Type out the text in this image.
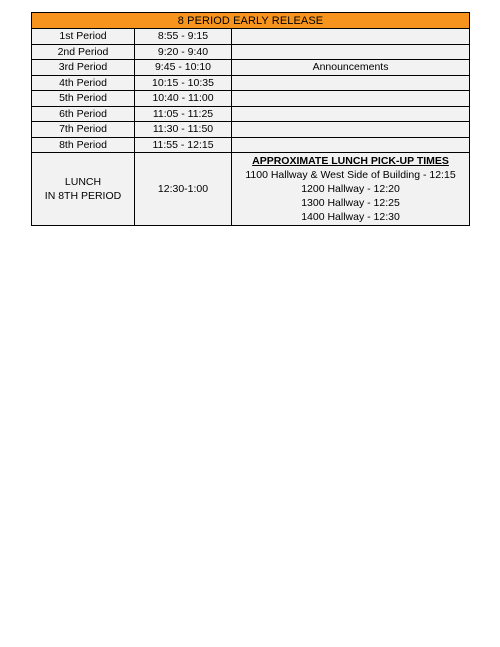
8 PERIOD EARLY RELEASE		
1st Period	8:55 - 9:15	
2nd Period	9:20 - 9:40	
3rd Period	9:45 - 10:10	Announcements
4th Period	10:15 - 10:35	
5th Period	10:40 - 11:00	
6th Period	11:05 - 11:25	
7th Period	11:30 - 11:50	
8th Period	11:55 - 12:15	

LUNCH
IN 8TH PERIOD	12:30-1:00	APPROXIMATE LUNCH PICK-UP TIMES
1100 Hallway & West Side of Building - 12:15
1200 Hallway - 12:20
1300 Hallway - 12:25
1400 Hallway - 12:30
